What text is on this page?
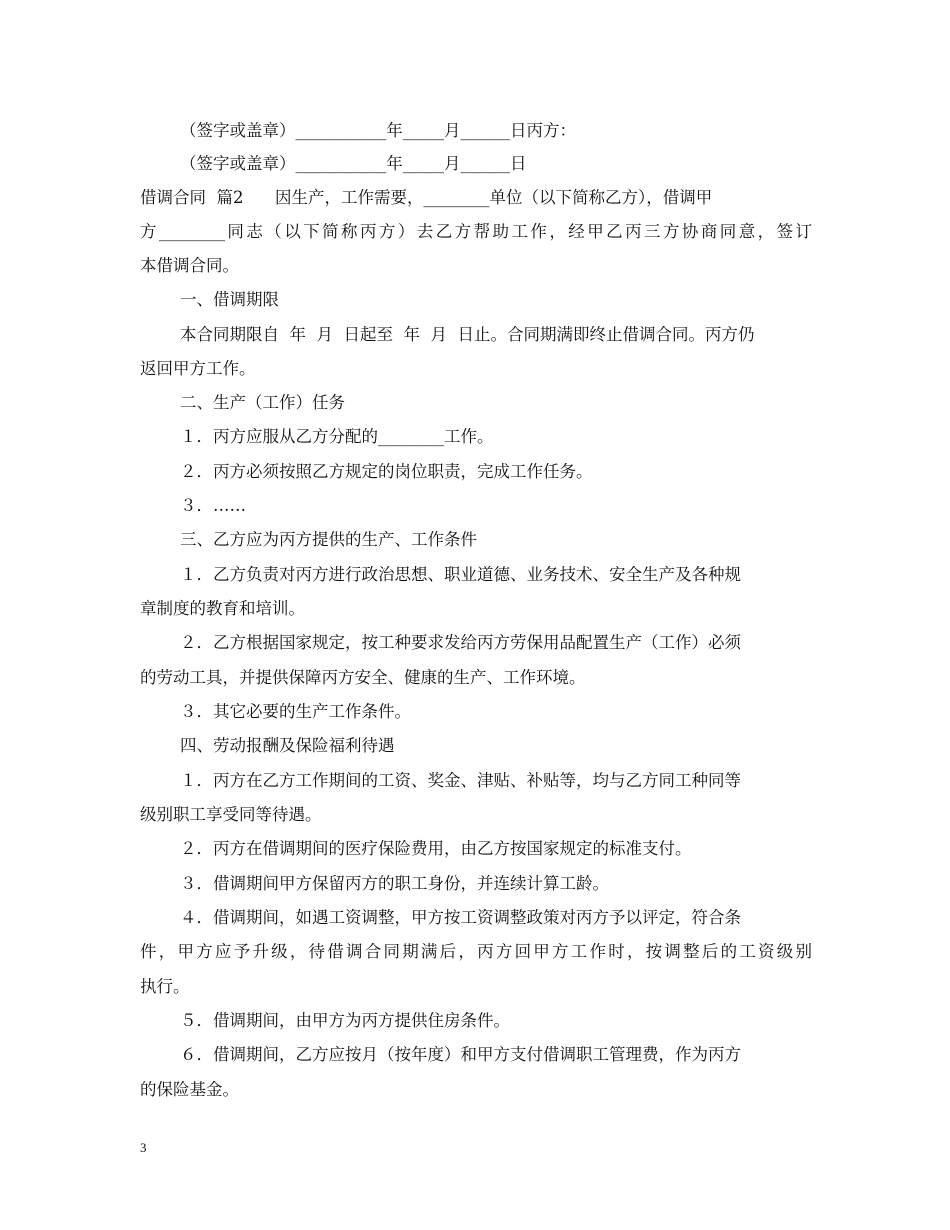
（签字或盖章）___________年_____月______日丙方：
（签字或盖章）___________年_____月______日
借调合同  篇2      因生产，工作需要，________单位（以下简称乙方），借调甲
方________同志（以下简称丙方）去乙方帮助工作，经甲乙丙三方协商同意，签订
本借调合同。
一、借调期限
本合同期限自  年  月  日起至  年  月  日止。合同期满即终止借调合同。丙方仍
返回甲方工作。
二、生产（工作）任务
１．丙方应服从乙方分配的________工作。
２．丙方必须按照乙方规定的岗位职责，完成工作任务。
３．……
三、乙方应为丙方提供的生产、工作条件
１．乙方负责对丙方进行政治思想、职业道德、业务技术、安全生产及各种规
章制度的教育和培训。
２．乙方根据国家规定，按工种要求发给丙方劳保用品配置生产（工作）必须
的劳动工具，并提供保障丙方安全、健康的生产、工作环境。
３．其它必要的生产工作条件。
四、劳动报酬及保险福利待遇
１．丙方在乙方工作期间的工资、奖金、津贴、补贴等，均与乙方同工种同等
级别职工享受同等待遇。
２．丙方在借调期间的医疗保险费用，由乙方按国家规定的标准支付。
３．借调期间甲方保留丙方的职工身份，并连续计算工龄。
４．借调期间，如遇工资调整，甲方按工资调整政策对丙方予以评定，符合条
件，甲方应予升级，待借调合同期满后，丙方回甲方工作时，按调整后的工资级别
执行。
５．借调期间，由甲方为丙方提供住房条件。
６．借调期间，乙方应按月（按年度）和甲方支付借调职工管理费，作为丙方
的保险基金。
3
